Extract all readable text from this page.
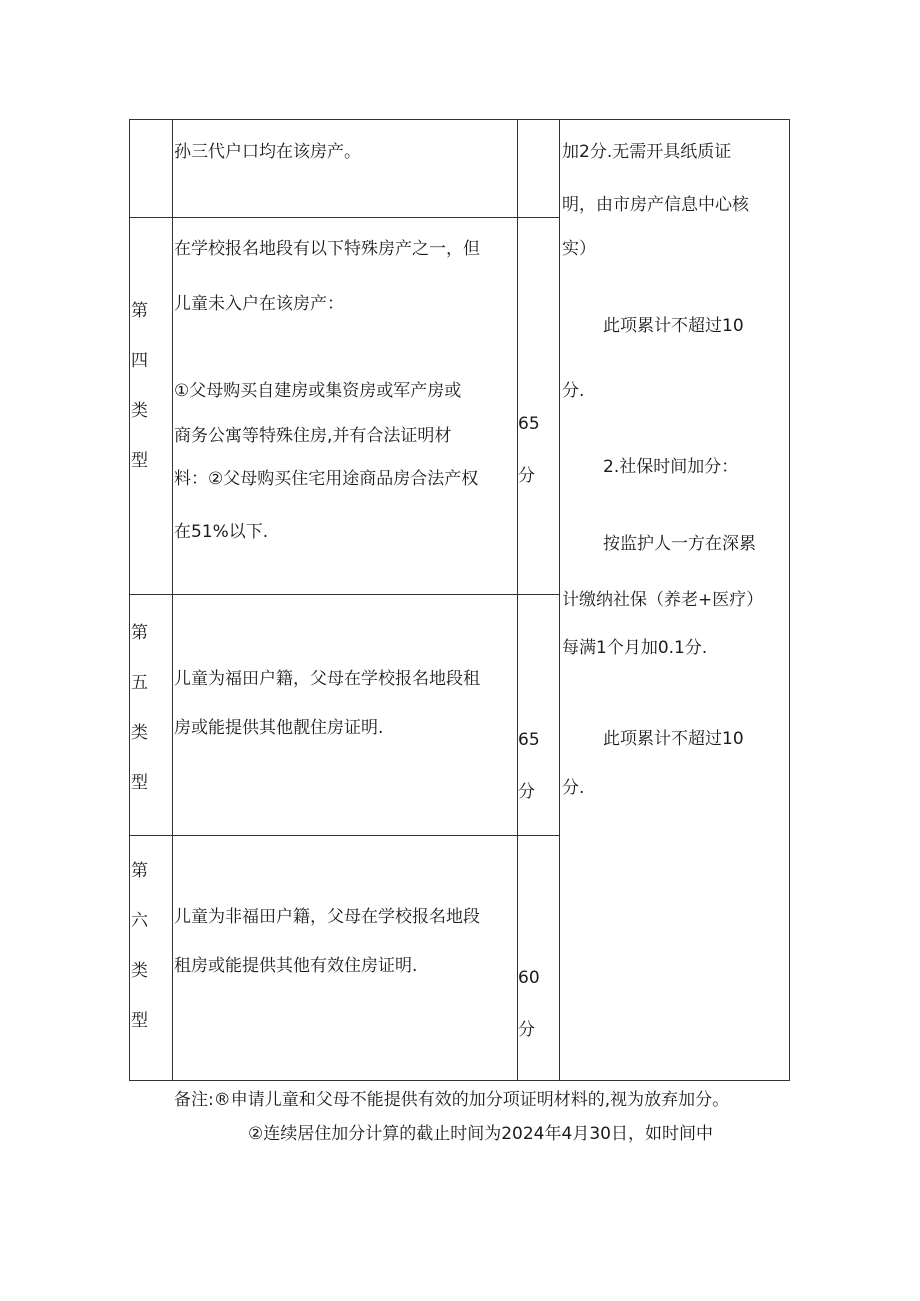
孙三代户口均在该房产。
第
四
类
型
在学校报名地段有以下特殊房产之一，但
儿童未入户在该房产：
①父母购买自建房或集资房或军产房或
商务公寓等特殊住房,并有合法证明材
料：②父母购买住宅用途商品房合法产权
在51%以下.
65
分
第
五
类
型
儿童为福田户籍，父母在学校报名地段租
房或能提供其他靓住房证明.
65
分
第
六
类
型
儿童为非福田户籍，父母在学校报名地段
租房或能提供其他有效住房证明.
60
分
加2分.无需开具纸质证
明，由市房产信息中心核
实）
此项累计不超过10
分.
2.社保时间加分：
按监护人一方在深累
计缴纳社保（养老+医疗）
每满1个月加0.1分.
此项累计不超过10
分.
备注:®申请儿童和父母不能提供有效的加分项证明材料的,视为放弃加分。
②连续居住加分计算的截止时间为2024年4月30日，如时间中
